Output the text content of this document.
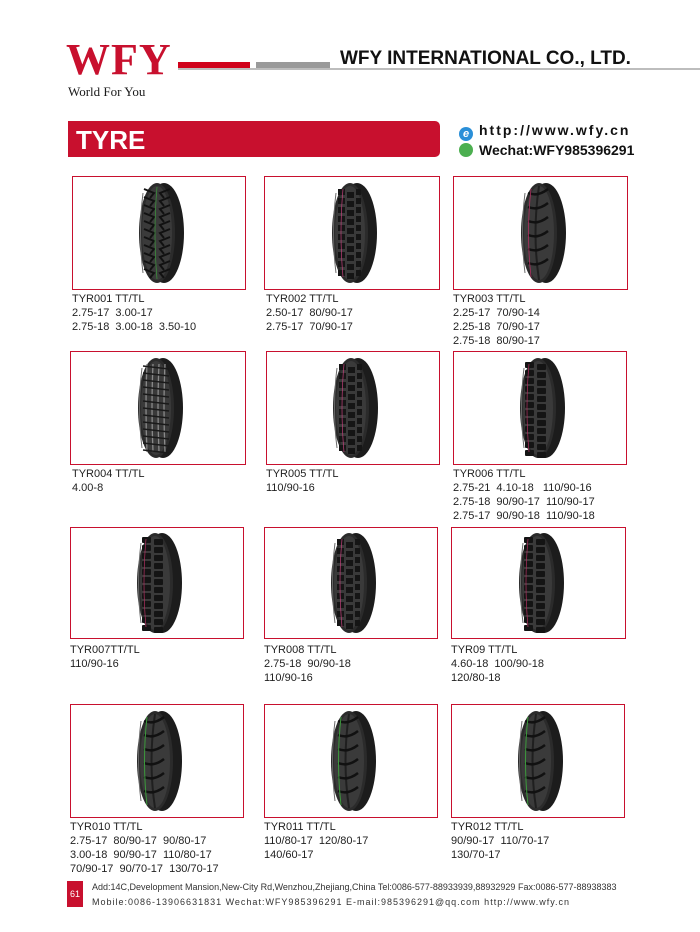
WFY
World For You
WFY INTERNATIONAL CO., LTD.
TYRE	e http://www.wfy.cn
Wechat:WFY985396291
TYR001 TT/TL
2.75-17  3.00-17
2.75-18  3.00-18  3.50-10
TYR002 TT/TL
2.50-17  80/90-17
2.75-17  70/90-17
TYR003 TT/TL
2.25-17  70/90-14
2.25-18  70/90-17
2.75-18  80/90-17
TYR004 TT/TL
4.00-8
TYR005 TT/TL
110/90-16
TYR006 TT/TL
2.75-21  4.10-18   110/90-16
2.75-18  90/90-17  110/90-17
2.75-17  90/90-18  110/90-18
TYR007TT/TL
110/90-16
TYR008 TT/TL
2.75-18  90/90-18
110/90-16
TYR09 TT/TL
4.60-18  100/90-18
120/80-18
TYR010 TT/TL
2.75-17  80/90-17  90/80-17
3.00-18  90/90-17  110/80-17
70/90-17  90/70-17  130/70-17
TYR011 TT/TL
110/80-17  120/80-17
140/60-17
TYR012 TT/TL
90/90-17  110/70-17
130/70-17
61
Add:14C,Development Mansion,New-City Rd,Wenzhou,Zhejiang,China Tel:0086-577-88933939,88932929 Fax:0086-577-88938383
Mobile:0086-13906631831 Wechat:WFY985396291 E-mail:985396291@qq.com http://www.wfy.cn
